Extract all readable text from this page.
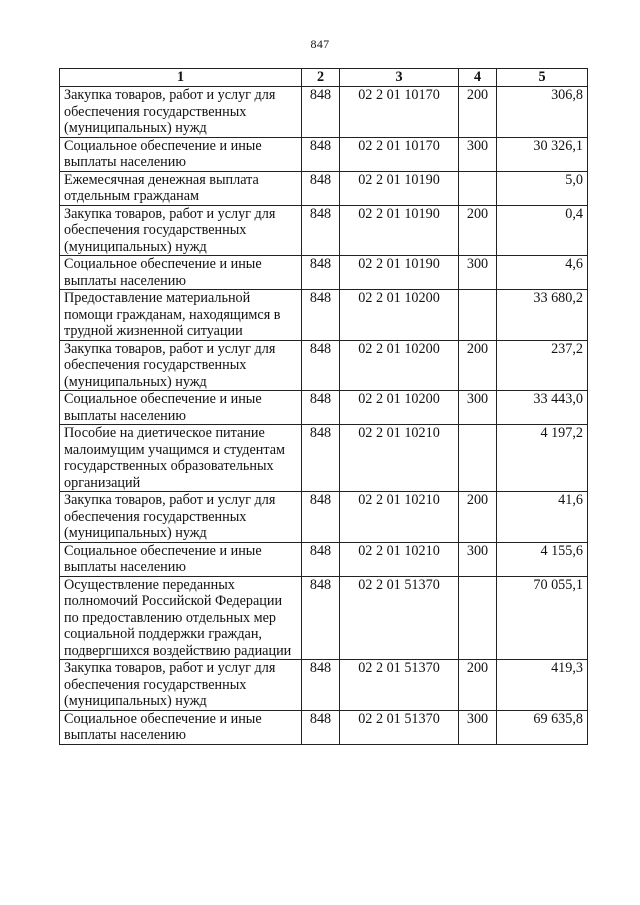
847
1	2	3	4	5
Закупка товаров, работ и услуг для обеспечения государственных (муниципальных) нужд	848	02 2 01 10170	200	306,8
Социальное обеспечение и иные выплаты населению	848	02 2 01 10170	300	30 326,1
Ежемесячная денежная выплата отдельным гражданам	848	02 2 01 10190		5,0
Закупка товаров, работ и услуг для обеспечения государственных (муниципальных) нужд	848	02 2 01 10190	200	0,4
Социальное обеспечение и иные выплаты населению	848	02 2 01 10190	300	4,6
Предоставление материальной помощи гражданам, находящимся в трудной жизненной ситуации	848	02 2 01 10200		33 680,2
Закупка товаров, работ и услуг для обеспечения государственных (муниципальных) нужд	848	02 2 01 10200	200	237,2
Социальное обеспечение и иные выплаты населению	848	02 2 01 10200	300	33 443,0
Пособие на диетическое питание малоимущим учащимся и студентам государственных образовательных организаций	848	02 2 01 10210		4 197,2
Закупка товаров, работ и услуг для обеспечения государственных (муниципальных) нужд	848	02 2 01 10210	200	41,6
Социальное обеспечение и иные выплаты населению	848	02 2 01 10210	300	4 155,6
Осуществление переданных полномочий Российской Федерации по предоставлению отдельных мер социальной поддержки граждан, подвергшихся воздействию радиации	848	02 2 01 51370		70 055,1
Закупка товаров, работ и услуг для обеспечения государственных (муниципальных) нужд	848	02 2 01 51370	200	419,3
Социальное обеспечение и иные выплаты населению	848	02 2 01 51370	300	69 635,8
